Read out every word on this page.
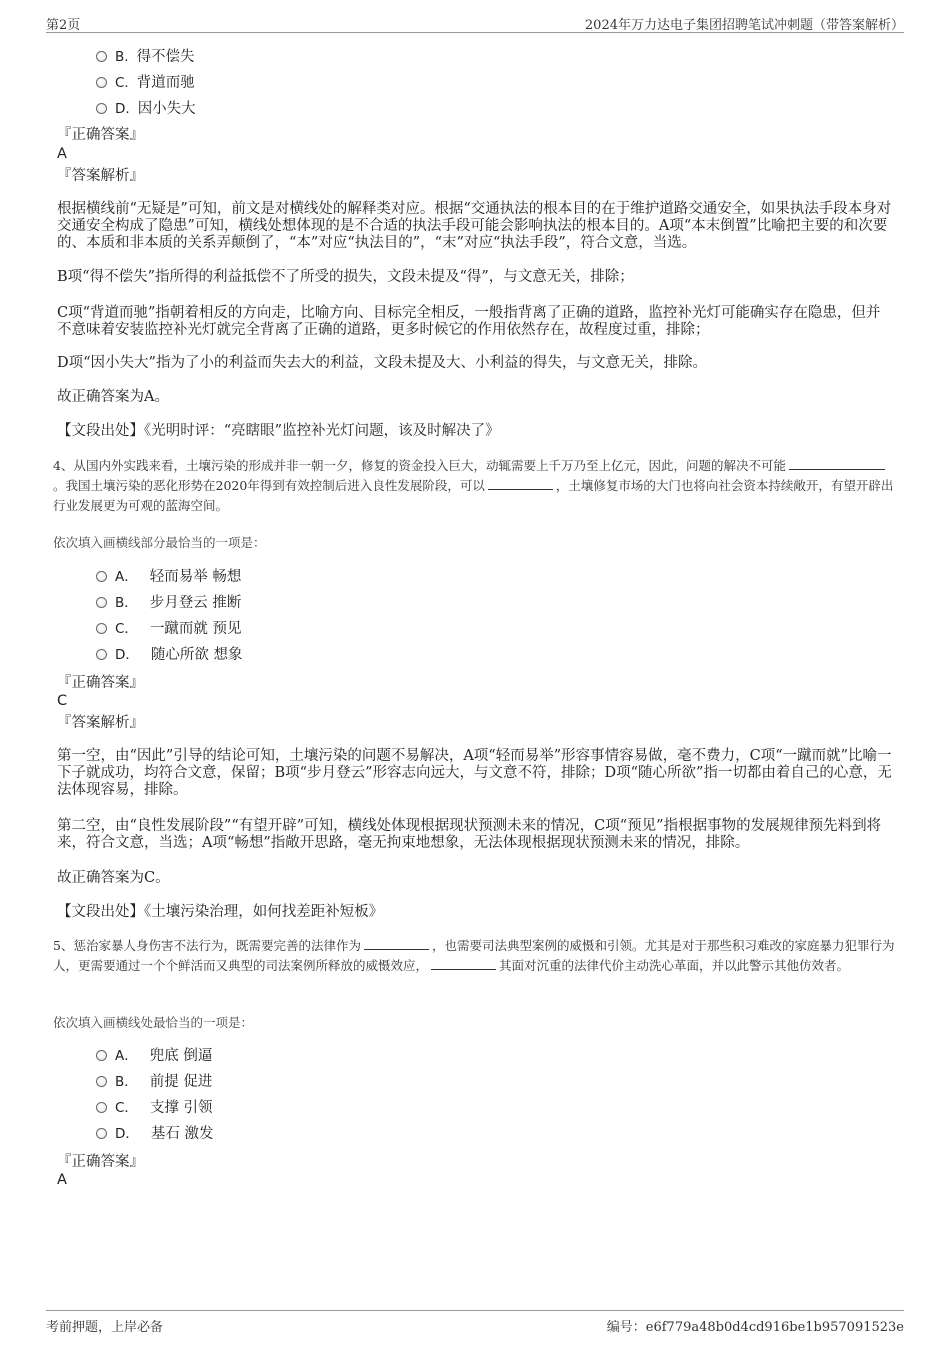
第2页	2024年万力达电子集团招聘笔试冲刺题（带答案解析）
B. 得不偿失
C. 背道而驰
D. 因小失大
『正确答案』
A
『答案解析』
根据横线前“无疑是”可知，前文是对横线处的解释类对应。根据“交通执法的根本目的在于维护道路交通安全，如果执法手段本身对交通安全构成了隐患”可知，横线处想体现的是不合适的执法手段可能会影响执法的根本目的。A项“本末倒置”比喻把主要的和次要的、本质和非本质的关系弄颠倒了，“本”对应“执法目的”，“末”对应“执法手段”，符合文意，当选。
B项“得不偿失”指所得的利益抵偿不了所受的损失，文段未提及“得”，与文意无关，排除；
C项“背道而驰”指朝着相反的方向走，比喻方向、目标完全相反，一般指背离了正确的道路，监控补光灯可能确实存在隐患，但并不意味着安装监控补光灯就完全背离了正确的道路，更多时候它的作用依然存在，故程度过重，排除；
D项“因小失大”指为了小的利益而失去大的利益，文段未提及大、小利益的得失，与文意无关，排除。
故正确答案为A。
【文段出处】《光明时评：“亮瞎眼”监控补光灯问题，该及时解决了》
4、从国内外实践来看，土壤污染的形成并非一朝一夕，修复的资金投入巨大，动辄需要上千万乃至上亿元，因此，问题的解决不可能。我国土壤污染的恶化形势在2020年得到有效控制后进入良性发展阶段，可以	，土壤修复市场的大门也将向社会资本持续敞开，有望开辟出行业发展更为可观的蓝海空间。
依次填入画横线部分最恰当的一项是：
A． 轻而易举 畅想
B． 步月登云 推断
C． 一蹴而就 预见
D． 随心所欲 想象
『正确答案』
C
『答案解析』
第一空，由“因此”引导的结论可知，土壤污染的问题不易解决，A项“轻而易举”形容事情容易做，毫不费力，C项“一蹴而就”比喻一下子就成功，均符合文意，保留；B项“步月登云”形容志向远大，与文意不符，排除；D项“随心所欲”指一切都由着自己的心意，无法体现容易，排除。
第二空，由“良性发展阶段”“有望开辟”可知，横线处体现根据现状预测未来的情况，C项“预见”指根据事物的发展规律预先料到将来，符合文意，当选；A项“畅想”指敞开思路，毫无拘束地想象，无法体现根据现状预测未来的情况，排除。
故正确答案为C。
【文段出处】《土壤污染治理，如何找差距补短板》
5、惩治家暴人身伤害不法行为，既需要完善的法律作为	，也需要司法典型案例的威慑和引领。尤其是对于那些积习难改的家庭暴力犯罪行为人，更需要通过一个个鲜活而又典型的司法案例所释放的威慑效应，	其面对沉重的法律代价主动洗心革面，并以此警示其他仿效者。
依次填入画横线处最恰当的一项是：
A． 兜底 倒逼
B． 前提 促进
C． 支撑 引领
D． 基石 激发
『正确答案』
A
考前押题，上岸必备	编号：e6f779a48b0d4cd916be1b957091523e
